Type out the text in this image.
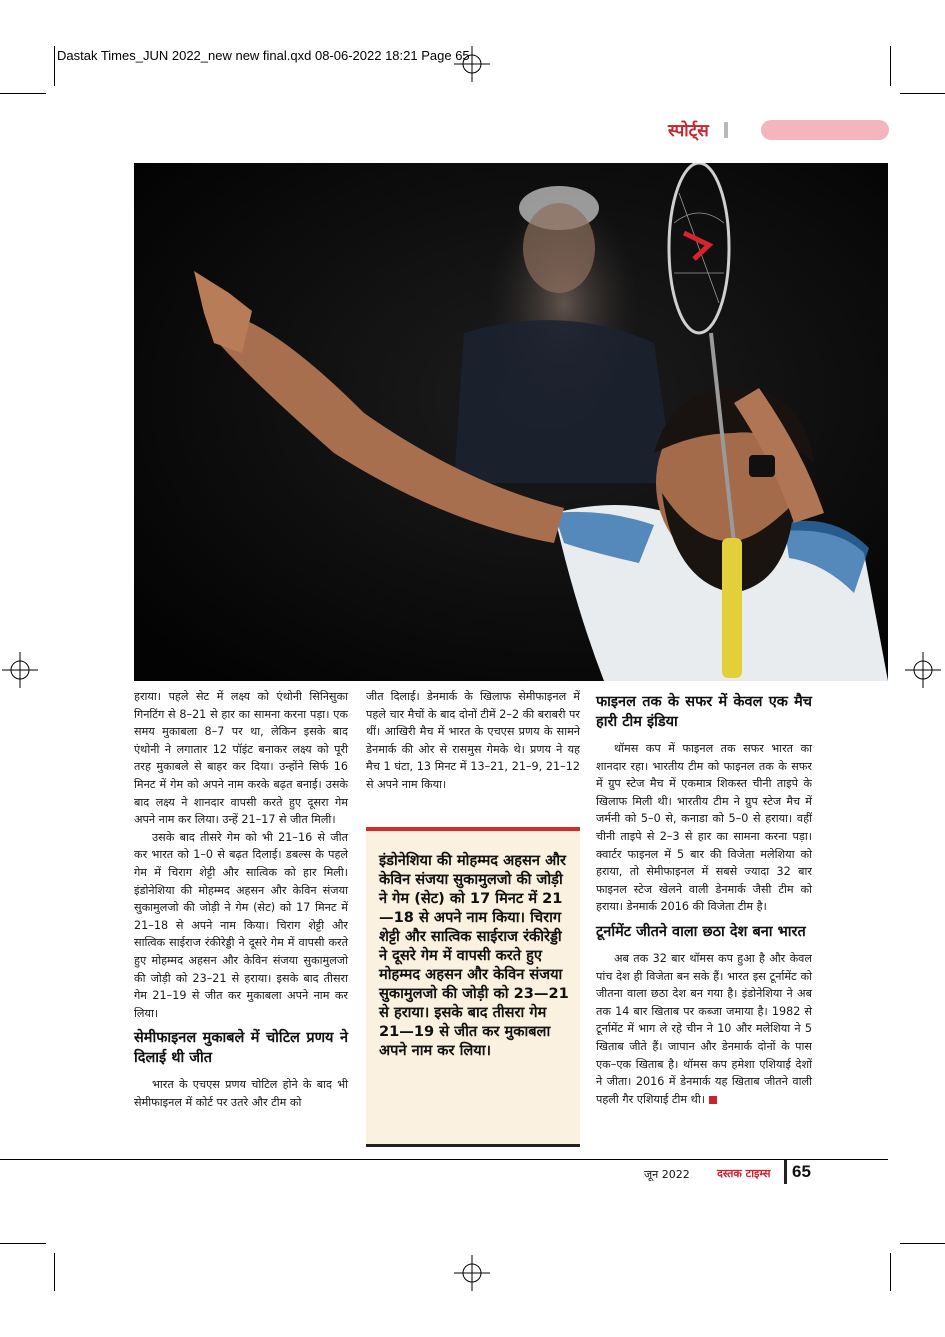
Dastak Times_JUN 2022_new new final.qxd 08-06-2022 18:21 Page 65
स्पोर्ट्स

हराया। पहले सेट में लक्ष्य को एंथोनी सिनिसुका गिनटिंग से 8–21 से हार का सामना करना पड़ा। एक समय मुकाबला 8–7 पर था, लेकिन इसके बाद एंथोनी ने लगातार 12 पॉइंट बनाकर लक्ष्य को पूरी तरह मुकाबले से बाहर कर दिया। उन्होंने सिर्फ 16 मिनट में गेम को अपने नाम करके बढ़त बनाई। उसके बाद लक्ष्य ने शानदार वापसी करते हुए दूसरा गेम अपने नाम कर लिया। उन्हें 21–17 से जीत मिली।

उसके बाद तीसरे गेम को भी 21–16 से जीत कर भारत को 1–0 से बढ़त दिलाई। डबल्स के पहले गेम में चिराग शेट्टी और सात्विक को हार मिली। इंडोनेशिया की मोहम्मद अहसन और केविन संजया सुकामुलजो की जोड़ी ने गेम (सेट) को 17 मिनट में 21–18 से अपने नाम किया। चिराग शेट्टी और सात्विक साईराज रंकीरेड्डी ने दूसरे गेम में वापसी करते हुए मोहम्मद अहसन और केविन संजया सुकामुलजो की जोड़ी को 23–21 से हराया। इसके बाद तीसरा गेम 21–19 से जीत कर मुकाबला अपने नाम कर लिया।

सेमीफाइनल मुकाबले में चोटिल प्रणय ने दिलाई थी जीत

भारत के एचएस प्रणय चोटिल होने के बाद भी सेमीफाइनल में कोर्ट पर उतरे और टीम को

जीत दिलाई। डेनमार्क के खिलाफ सेमीफाइनल में पहले चार मैचों के बाद दोनों टीमें 2–2 की बराबरी पर थीं। आखिरी मैच में भारत के एचएस प्रणय के सामने डेनमार्क की ओर से रासमुस गेमके थे। प्रणय ने यह मैच 1 घंटा, 13 मिनट में 13–21, 21–9, 21–12 से अपने नाम किया।

इंडोनेशिया की मोहम्मद अहसन और केविन संजया सुकामुलजो की जोड़ी ने गेम (सेट) को 17 मिनट में 21—18 से अपने नाम किया। चिराग शेट्टी और सात्विक साईराज रंकीरेड्डी ने दूसरे गेम में वापसी करते हुए मोहम्मद अहसन और केविन संजया सुकामुलजो की जोड़ी को 23—21 से हराया। इसके बाद तीसरा गेम 21—19 से जीत कर मुकाबला अपने नाम कर लिया।
फाइनल तक के सफर में केवल एक मैच हारी टीम इंडिया

थॉमस कप में फाइनल तक सफर भारत का शानदार रहा। भारतीय टीम को फाइनल तक के सफर में ग्रुप स्टेज मैच में एकमात्र शिकस्त चीनी ताइपे के खिलाफ मिली थी। भारतीय टीम ने ग्रुप स्टेज मैच में जर्मनी को 5–0 से, कनाडा को 5–0 से हराया। वहीं चीनी ताइपे से 2–3 से हार का सामना करना पड़ा। क्वार्टर फाइनल में 5 बार की विजेता मलेशिया को हराया, तो सेमीफाइनल में सबसे ज्यादा 32 बार फाइनल स्टेज खेलने वाली डेनमार्क जैसी टीम को हराया। डेनमार्क 2016 की विजेता टीम है।

टूर्नामेंट जीतने वाला छठा देश बना भारत

अब तक 32 बार थॉमस कप हुआ है और केवल पांच देश ही विजेता बन सके हैं। भारत इस टूर्नामेंट को जीतना वाला छठा देश बन गया है। इंडोनेशिया ने अब तक 14 बार खिताब पर कब्जा जमाया है। 1982 से टूर्नामेंट में भाग ले रहे चीन ने 10 और मलेशिया ने 5 खिताब जीते हैं। जापान और डेनमार्क दोनों के पास एक–एक खिताब है। थॉमस कप हमेशा एशियाई देशों ने जीता। 2016 में डेनमार्क यह खिताब जीतने वाली पहली गैर एशियाई टीम थी।

जून 2022 दस्तक टाइम्स 65
